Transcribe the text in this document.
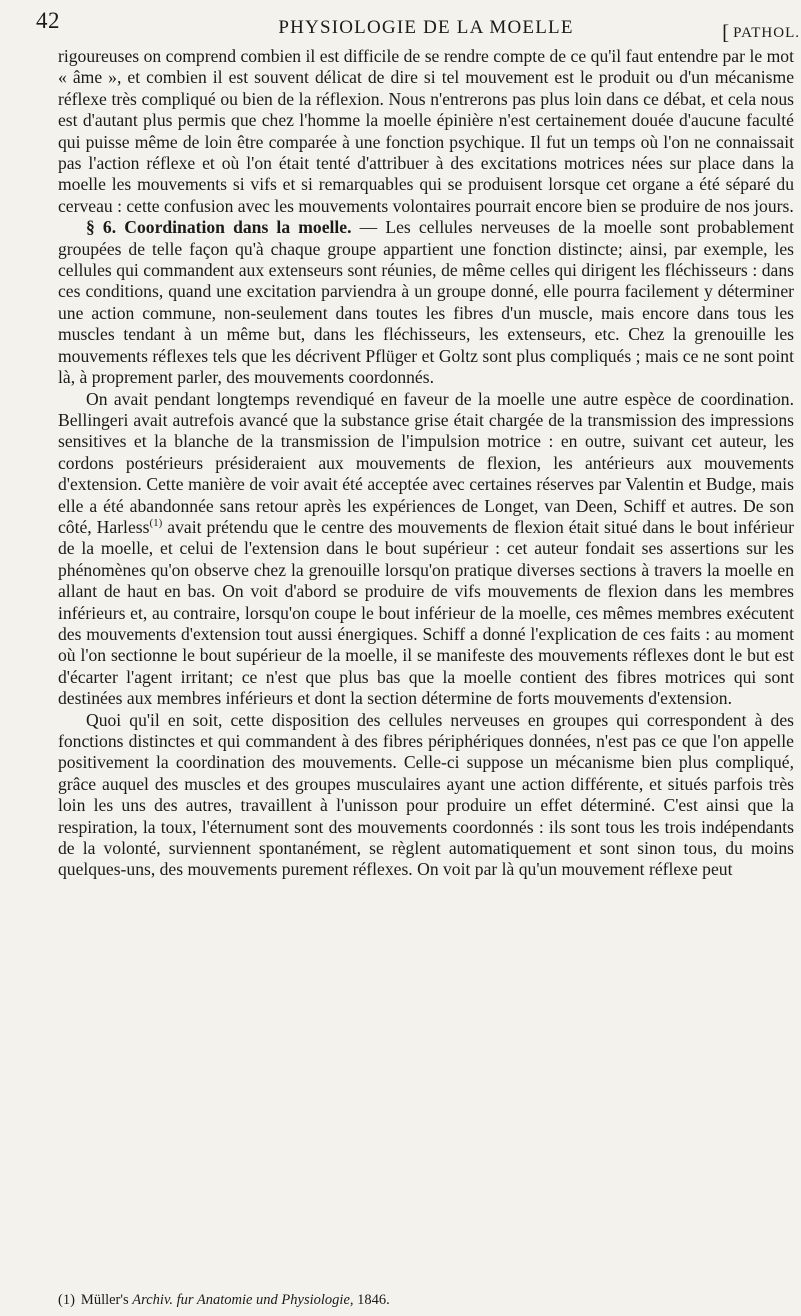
42	PHYSIOLOGIE DE LA MOELLE	[ PATHOL.

rigoureuses on comprend combien il est difficile de se rendre compte de ce qu'il faut entendre par le mot « âme », et combien il est souvent délicat de dire si tel mouvement est le produit ou d'un mécanisme réflexe très compliqué ou bien de la réflexion. Nous n'entrerons pas plus loin dans ce débat, et cela nous est d'autant plus permis que chez l'homme la moelle épinière n'est certainement douée d'aucune faculté qui puisse même de loin être comparée à une fonction psychique. Il fut un temps où l'on ne connaissait pas l'action réflexe et où l'on était tenté d'attribuer à des excitations motrices nées sur place dans la moelle les mouvements si vifs et si remarquables qui se produisent lorsque cet organe a été séparé du cerveau : cette confusion avec les mouvements volontaires pourrait encore bien se produire de nos jours.

§ 6. Coordination dans la moelle. — Les cellules nerveuses de la moelle sont probablement groupées de telle façon qu'à chaque groupe appartient une fonction distincte; ainsi, par exemple, les cellules qui commandent aux extenseurs sont réunies, de même celles qui dirigent les fléchisseurs : dans ces conditions, quand une excitation parviendra à un groupe donné, elle pourra facilement y déterminer une action commune, non-seulement dans toutes les fibres d'un muscle, mais encore dans tous les muscles tendant à un même but, dans les fléchisseurs, les extenseurs, etc. Chez la grenouille les mouvements réflexes tels que les décrivent Pflüger et Goltz sont plus compliqués ; mais ce ne sont point là, à proprement parler, des mouvements coordonnés.

On avait pendant longtemps revendiqué en faveur de la moelle une autre espèce de coordination. Bellingeri avait autrefois avancé que la substance grise était chargée de la transmission des impressions sensitives et la blanche de la transmission de l'impulsion motrice : en outre, suivant cet auteur, les cordons postérieurs présideraient aux mouvements de flexion, les antérieurs aux mouvements d'extension. Cette manière de voir avait été acceptée avec certaines réserves par Valentin et Budge, mais elle a été abandonnée sans retour après les expériences de Longet, van Deen, Schiff et autres. De son côté, Harless$^{(1)}$ avait prétendu que le centre des mouvements de flexion était situé dans le bout inférieur de la moelle, et celui de l'extension dans le bout supérieur : cet auteur fondait ses assertions sur les phénomènes qu'on observe chez la grenouille lorsqu'on pratique diverses sections à travers la moelle en allant de haut en bas. On voit d'abord se produire de vifs mouvements de flexion dans les membres inférieurs et, au contraire, lorsqu'on coupe le bout inférieur de la moelle, ces mêmes membres exécutent des mouvements d'extension tout aussi énergiques. Schiff a donné l'explication de ces faits : au moment où l'on sectionne le bout supérieur de la moelle, il se manifeste des mouvements réflexes dont le but est d'écarter l'agent irritant; ce n'est que plus bas que la moelle contient des fibres motrices qui sont destinées aux membres inférieurs et dont la section détermine de forts mouvements d'extension.

Quoi qu'il en soit, cette disposition des cellules nerveuses en groupes qui correspondent à des fonctions distinctes et qui commandent à des fibres périphériques données, n'est pas ce que l'on appelle positivement la coordination des mouvements. Celle-ci suppose un mécanisme bien plus compliqué, grâce auquel des muscles et des groupes musculaires ayant une action différente, et situés parfois très loin les uns des autres, travaillent à l'unisson pour produire un effet déterminé. C'est ainsi que la respiration, la toux, l'éternument sont des mouvements coordonnés : ils sont tous les trois indépendants de la volonté, surviennent spontanément, se règlent automatiquement et sont sinon tous, du moins quelques-uns, des mouvements purement réflexes. On voit par là qu'un mouvement réflexe peut

(1) Müller's Archiv. fur Anatomie und Physiologie, 1846.
